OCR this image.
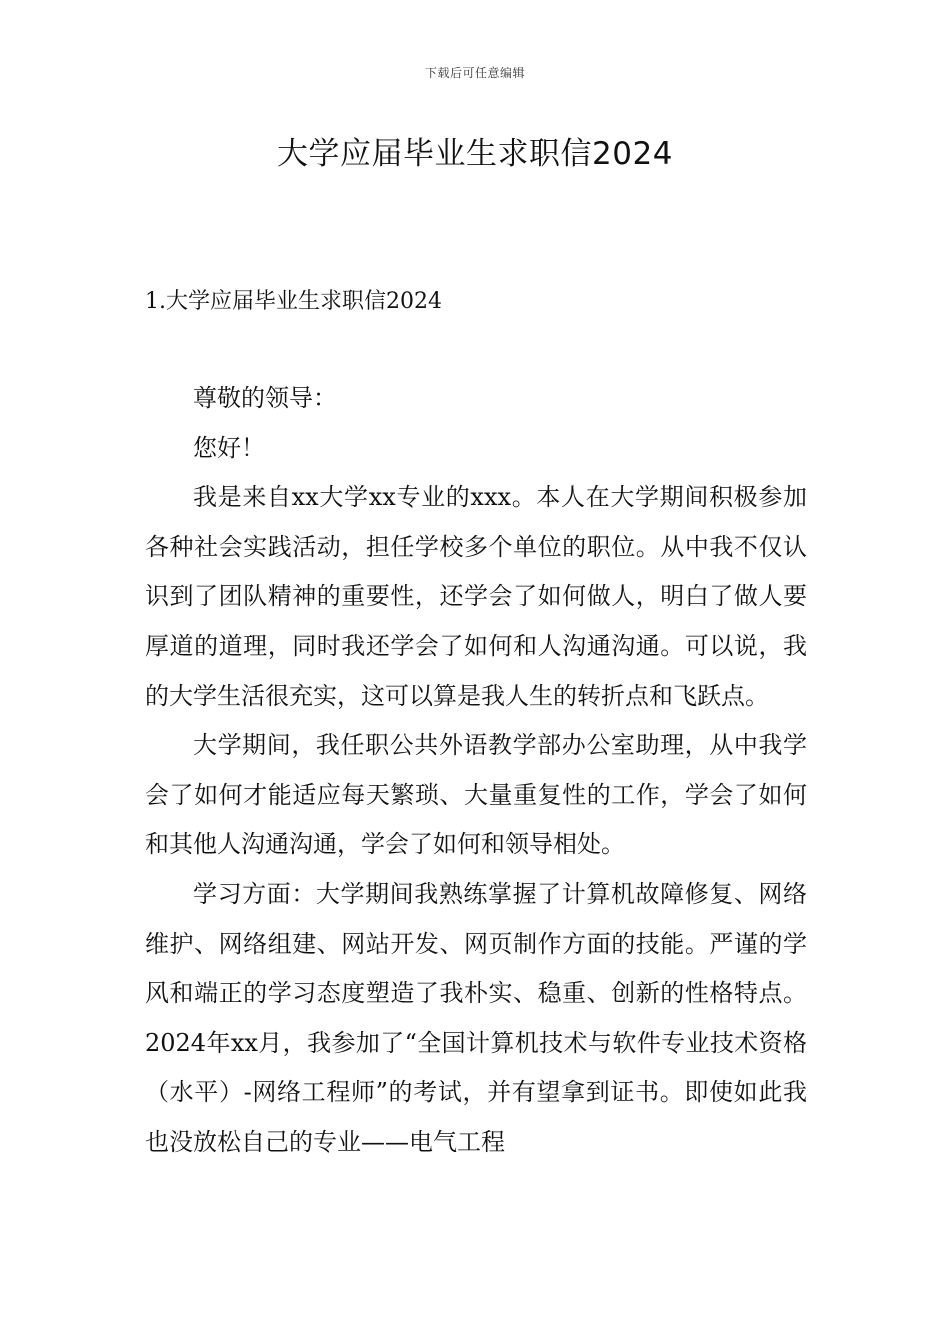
下载后可任意编辑
大学应届毕业生求职信2024
1.大学应届毕业生求职信2024

尊敬的领导：

您好！

我是来自xx大学xx专业的xxx。本人在大学期间积极参加各种社会实践活动，担任学校多个单位的职位。从中我不仅认识到了团队精神的重要性，还学会了如何做人，明白了做人要厚道的道理，同时我还学会了如何和人沟通沟通。可以说，我的大学生活很充实，这可以算是我人生的转折点和飞跃点。

大学期间，我任职公共外语教学部办公室助理，从中我学会了如何才能适应每天繁琐、大量重复性的工作，学会了如何和其他人沟通沟通，学会了如何和领导相处。

学习方面：大学期间我熟练掌握了计算机故障修复、网络维护、网络组建、网站开发、网页制作方面的技能。严谨的学风和端正的学习态度塑造了我朴实、稳重、创新的性格特点。2024年xx月，我参加了“全国计算机技术与软件专业技术资格（水平）-网络工程师”的考试，并有望拿到证书。即使如此我也没放松自己的专业——电气工程
